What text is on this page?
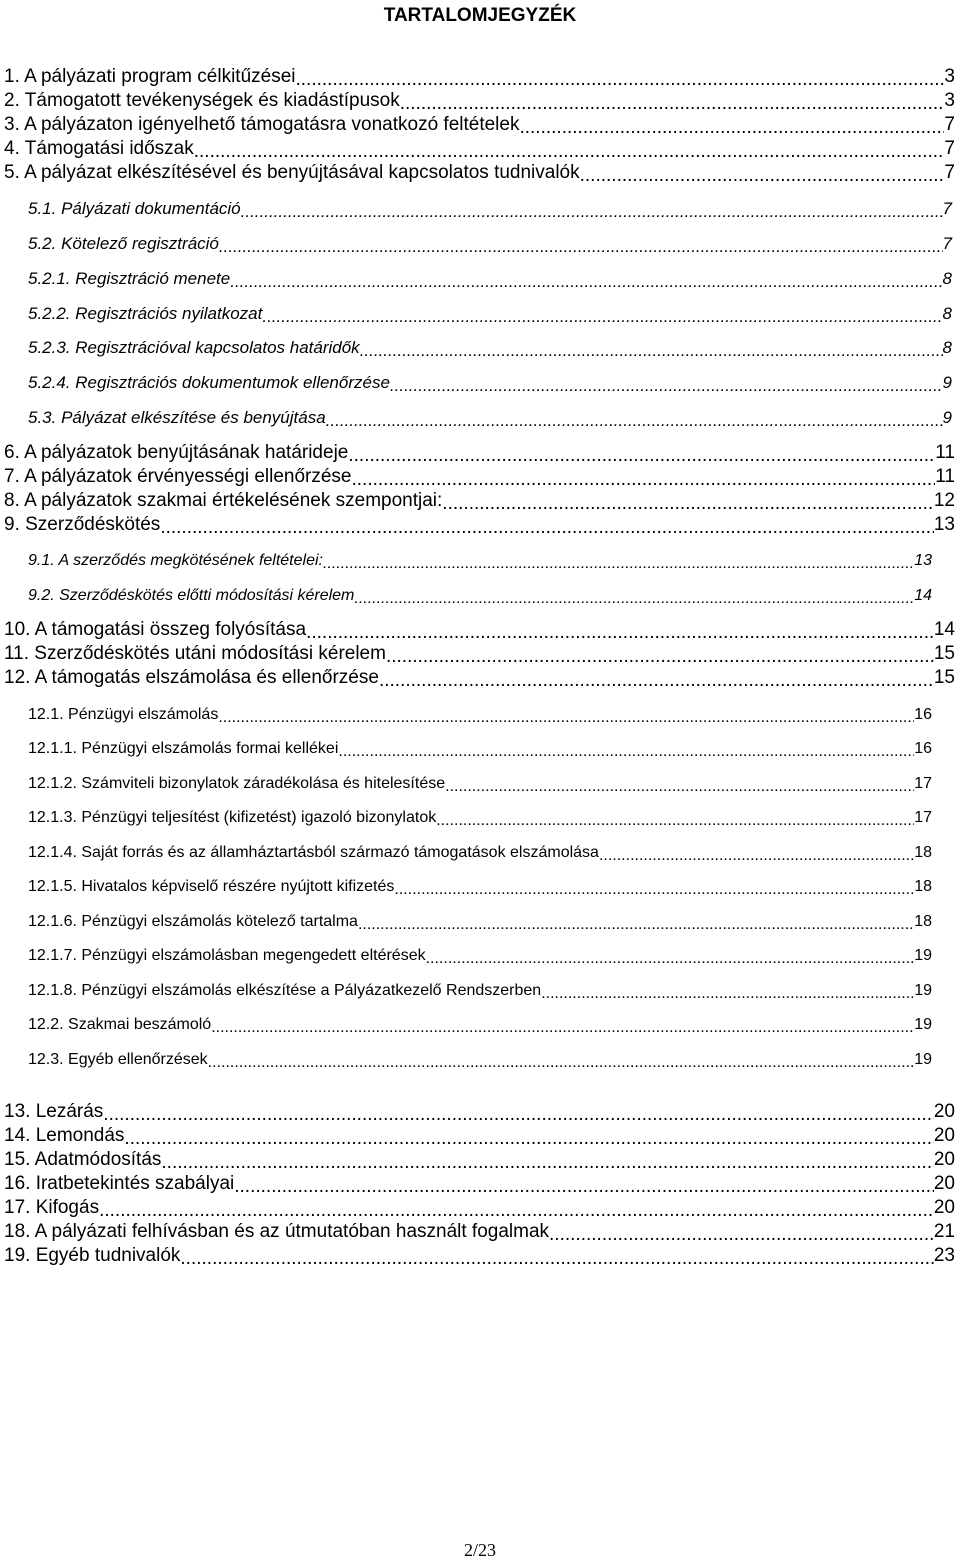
TARTALOMJEGYZÉK
1. A pályázati program célkitűzései .....	3
2. Támogatott tevékenységek és kiadástípusok .....	3
3. A pályázaton igényelhető támogatásra vonatkozó feltételek .....	7
4. Támogatási időszak .....	7
5. A pályázat elkészítésével és benyújtásával kapcsolatos tudnivalók .....	7
5.1. Pályázati dokumentáció .....	7
5.2. Kötelező regisztráció .....	7
5.2.1. Regisztráció menete .....	8
5.2.2. Regisztrációs nyilatkozat .....	8
5.2.3. Regisztrációval kapcsolatos határidők .....	8
5.2.4. Regisztrációs dokumentumok ellenőrzése .....	9
5.3. Pályázat elkészítése és benyújtása .....	9
6. A pályázatok benyújtásának határideje .....	11
7. A pályázatok érvényességi ellenőrzése .....	11
8. A pályázatok szakmai értékelésének szempontjai: .....	12
9. Szerződéskötés .....	13
9.1. A szerződés megkötésének feltételei: .....	13
9.2. Szerződéskötés előtti módosítási kérelem .....	14
10. A támogatási összeg folyósítása .....	14
11. Szerződéskötés utáni módosítási kérelem .....	15
12. A támogatás elszámolása és ellenőrzése .....	15
12.1. Pénzügyi elszámolás .....	16
12.1.1. Pénzügyi elszámolás formai kellékei .....	16
12.1.2. Számviteli bizonylatok záradékolása és hitelesítése .....	17
12.1.3. Pénzügyi teljesítést (kifizetést) igazoló bizonylatok .....	17
12.1.4. Saját forrás és az államháztartásból származó támogatások elszámolása .....	18
12.1.5. Hivatalos képviselő részére nyújtott kifizetés .....	18
12.1.6. Pénzügyi elszámolás kötelező tartalma .....	18
12.1.7. Pénzügyi elszámolásban megengedett eltérések .....	19
12.1.8. Pénzügyi elszámolás elkészítése a Pályázatkezelő Rendszerben .....	19
12.2. Szakmai beszámoló .....	19
12.3. Egyéb ellenőrzések .....	19
13. Lezárás .....	20
14. Lemondás .....	20
15. Adatmódosítás .....	20
16. Iratbetekintés szabályai .....	20
17. Kifogás .....	20
18. A pályázati felhívásban és az útmutatóban használt fogalmak .....	21
19. Egyéb tudnivalók .....	23
2/23
